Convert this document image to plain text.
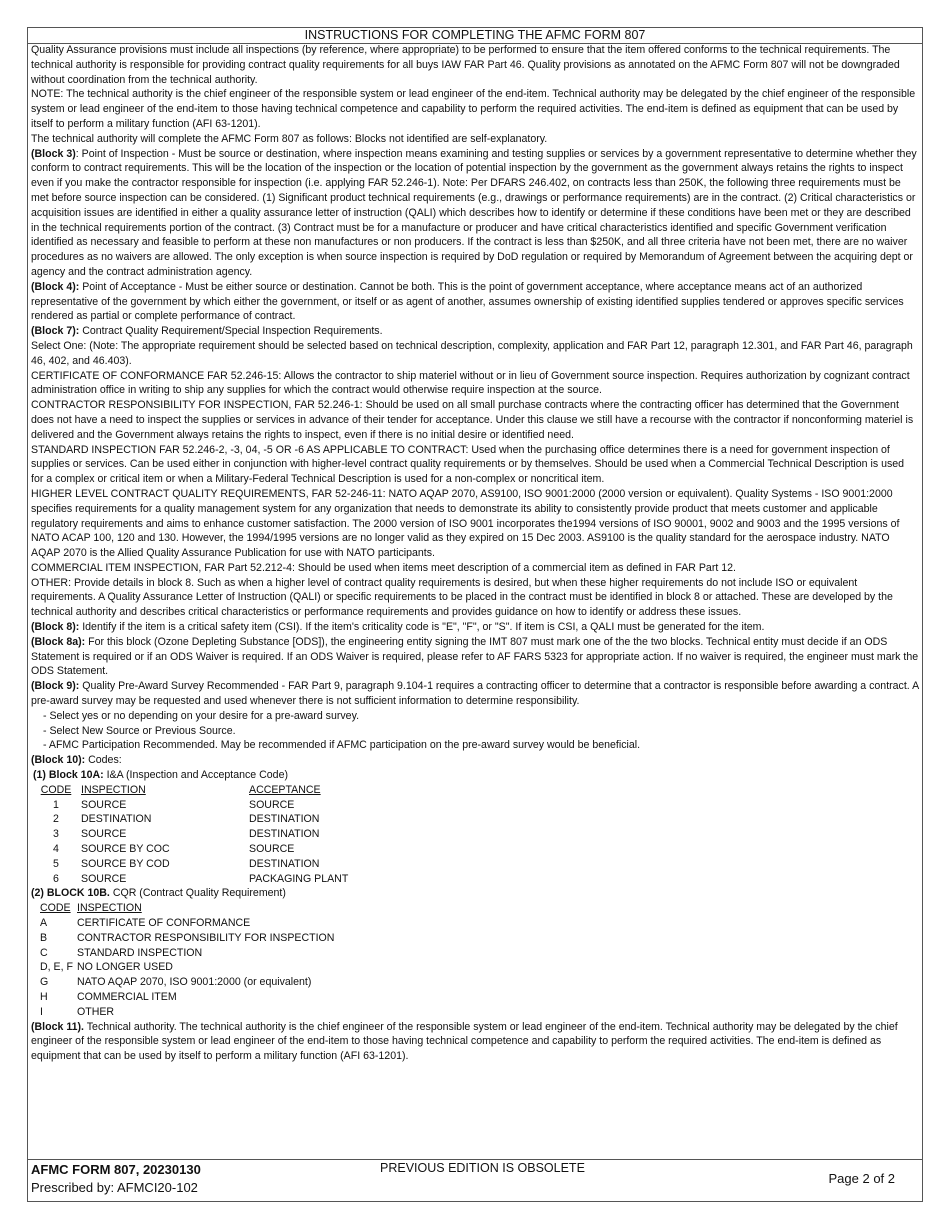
INSTRUCTIONS FOR COMPLETING THE AFMC FORM 807

Quality Assurance provisions must include all inspections (by reference, where appropriate) to be performed to ensure that the item offered conforms to the technical requirements. The technical authority is responsible for providing contract quality requirements for all buys IAW FAR Part 46. Quality provisions as annotated on the AFMC Form 807 will not be downgraded without coordination from the technical authority.

NOTE: The technical authority is the chief engineer of the responsible system or lead engineer of the end-item. Technical authority may be delegated by the chief engineer of the responsible system or lead engineer of the end-item to those having technical competence and capability to perform the required activities. The end-item is defined as equipment that can be used by itself to perform a military function (AFI 63-1201).

The technical authority will complete the AFMC Form 807 as follows: Blocks not identified are self-explanatory.

(Block 3): Point of Inspection - Must be source or destination, where inspection means examining and testing supplies or services by a government representative to determine whether they conform to contract requirements. This will be the location of the inspection or the location of potential inspection by the government as the government always retains the rights to inspect even if you make the contractor responsible for inspection (i.e. applying FAR 52.246-1). Note: Per DFARS 246.402, on contracts less than 250K, the following three requirements must be met before source inspection can be considered. (1) Significant product technical requirements (e.g., drawings or performance requirements) are in the contract. (2) Critical characteristics or acquisition issues are identified in either a quality assurance letter of instruction (QALI) which describes how to identify or determine if these conditions have been met or they are described in the technical requirements portion of the contract. (3) Contract must be for a manufacture or producer and have critical characteristics identified and specific Government verification identified as necessary and feasible to perform at these non manufactures or non producers. If the contract is less than $250K, and all three criteria have not been met, there are no waiver procedures as no waivers are allowed. The only exception is when source inspection is required by DoD regulation or required by Memorandum of Agreement between the acquiring dept or agency and the contract administration agency.

(Block 4): Point of Acceptance - Must be either source or destination. Cannot be both. This is the point of government acceptance, where acceptance means act of an authorized representative of the government by which either the government, or itself or as agent of another, assumes ownership of existing identified supplies tendered or approves specific services rendered as partial or complete performance of contract.

(Block 7): Contract Quality Requirement/Special Inspection Requirements.

Select One: (Note: The appropriate requirement should be selected based on technical description, complexity, application and FAR Part 12, paragraph 12.301, and FAR Part 46, paragraph 46, 402, and 46.403).

CERTIFICATE OF CONFORMANCE FAR 52.246-15: Allows the contractor to ship materiel without or in lieu of Government source inspection. Requires authorization by cognizant contract administration office in writing to ship any supplies for which the contract would otherwise require inspection at the source.

CONTRACTOR RESPONSIBILITY FOR INSPECTION, FAR 52.246-1: Should be used on all small purchase contracts where the contracting officer has determined that the Government does not have a need to inspect the supplies or services in advance of their tender for acceptance. Under this clause we still have a recourse with the contractor if nonconforming materiel is delivered and the Government always retains the rights to inspect, even if there is no initial desire or identified need.

STANDARD INSPECTION FAR 52.246-2, -3, 04, -5 OR -6 AS APPLICABLE TO CONTRACT: Used when the purchasing office determines there is a need for government inspection of supplies or services. Can be used either in conjunction with higher-level contract quality requirements or by themselves. Should be used when a Commercial Technical Description is used for a complex or critical item or when a Military-Federal Technical Description is used for a non-complex or noncritical item.

HIGHER LEVEL CONTRACT QUALITY REQUIREMENTS, FAR 52-246-11: NATO AQAP 2070, AS9100, ISO 9001:2000 (2000 version or equivalent). Quality Systems - ISO 9001:2000 specifies requirements for a quality management system for any organization that needs to demonstrate its ability to consistently provide product that meets customer and applicable regulatory requirements and aims to enhance customer satisfaction. The 2000 version of ISO 9001 incorporates the1994 versions of ISO 90001, 9002 and 9003 and the 1995 versions of NATO ACAP 100, 120 and 130. However, the 1994/1995 versions are no longer valid as they expired on 15 Dec 2003. AS9100 is the quality standard for the aerospace industry. NATO AQAP 2070 is the Allied Quality Assurance Publication for use with NATO participants.

COMMERCIAL ITEM INSPECTION, FAR Part 52.212-4: Should be used when items meet description of a commercial item as defined in FAR Part 12.

OTHER: Provide details in block 8. Such as when a higher level of contract quality requirements is desired, but when these higher requirements do not include ISO or equivalent requirements. A Quality Assurance Letter of Instruction (QALI) or specific requirements to be placed in the contract must be identified in block 8 or attached. These are developed by the technical authority and describes critical characteristics or performance requirements and provides guidance on how to identify or address these issues.

(Block 8): Identify if the item is a critical safety item (CSI). If the item's criticality code is "E", "F", or "S". If item is CSI, a QALI must be generated for the item.

(Block 8a): For this block (Ozone Depleting Substance [ODS]), the engineering entity signing the IMT 807 must mark one of the the two blocks. Technical entity must decide if an ODS Statement is required or if an ODS Waiver is required. If an ODS Waiver is required, please refer to AF FARS 5323 for appropriate action. If no waiver is required, the engineer must mark the ODS Statement.

(Block 9): Quality Pre-Award Survey Recommended - FAR Part 9, paragraph 9.104-1 requires a contracting officer to determine that a contractor is responsible before awarding a contract. A pre-award survey may be requested and used whenever there is not sufficient information to determine responsibility.

- Select yes or no depending on your desire for a pre-award survey.

- Select New Source or Previous Source.

- AFMC Participation Recommended. May be recommended if AFMC participation on the pre-award survey would be beneficial.

(Block 10): Codes:

(1) Block 10A: I&A (Inspection and Acceptance Code)

CODE INSPECTION	ACCEPTANCE
1	SOURCE	SOURCE
2	DESTINATION	DESTINATION
3	SOURCE	DESTINATION
4	SOURCE BY COC	SOURCE
5	SOURCE BY COD	DESTINATION
6	SOURCE	PACKAGING PLANT

(2) BLOCK 10B. CQR (Contract Quality Requirement)

CODE INSPECTION
A	CERTIFICATE OF CONFORMANCE
B	CONTRACTOR RESPONSIBILITY FOR INSPECTION
C	STANDARD INSPECTION
D, E, F NO LONGER USED
G	NATO AQAP 2070, ISO 9001:2000 (or equivalent)
H	COMMERCIAL ITEM
I	OTHER

(Block 11). Technical authority. The technical authority is the chief engineer of the responsible system or lead engineer of the end-item. Technical authority may be delegated by the chief engineer of the responsible system or lead engineer of the end-item to those having technical competence and capability to perform the required activities. The end-item is defined as equipment that can be used by itself to perform a military function (AFI 63-1201).

AFMC FORM 807, 20230130
Prescribed by: AFMCI20-102
PREVIOUS EDITION IS OBSOLETE
Page 2 of 2
